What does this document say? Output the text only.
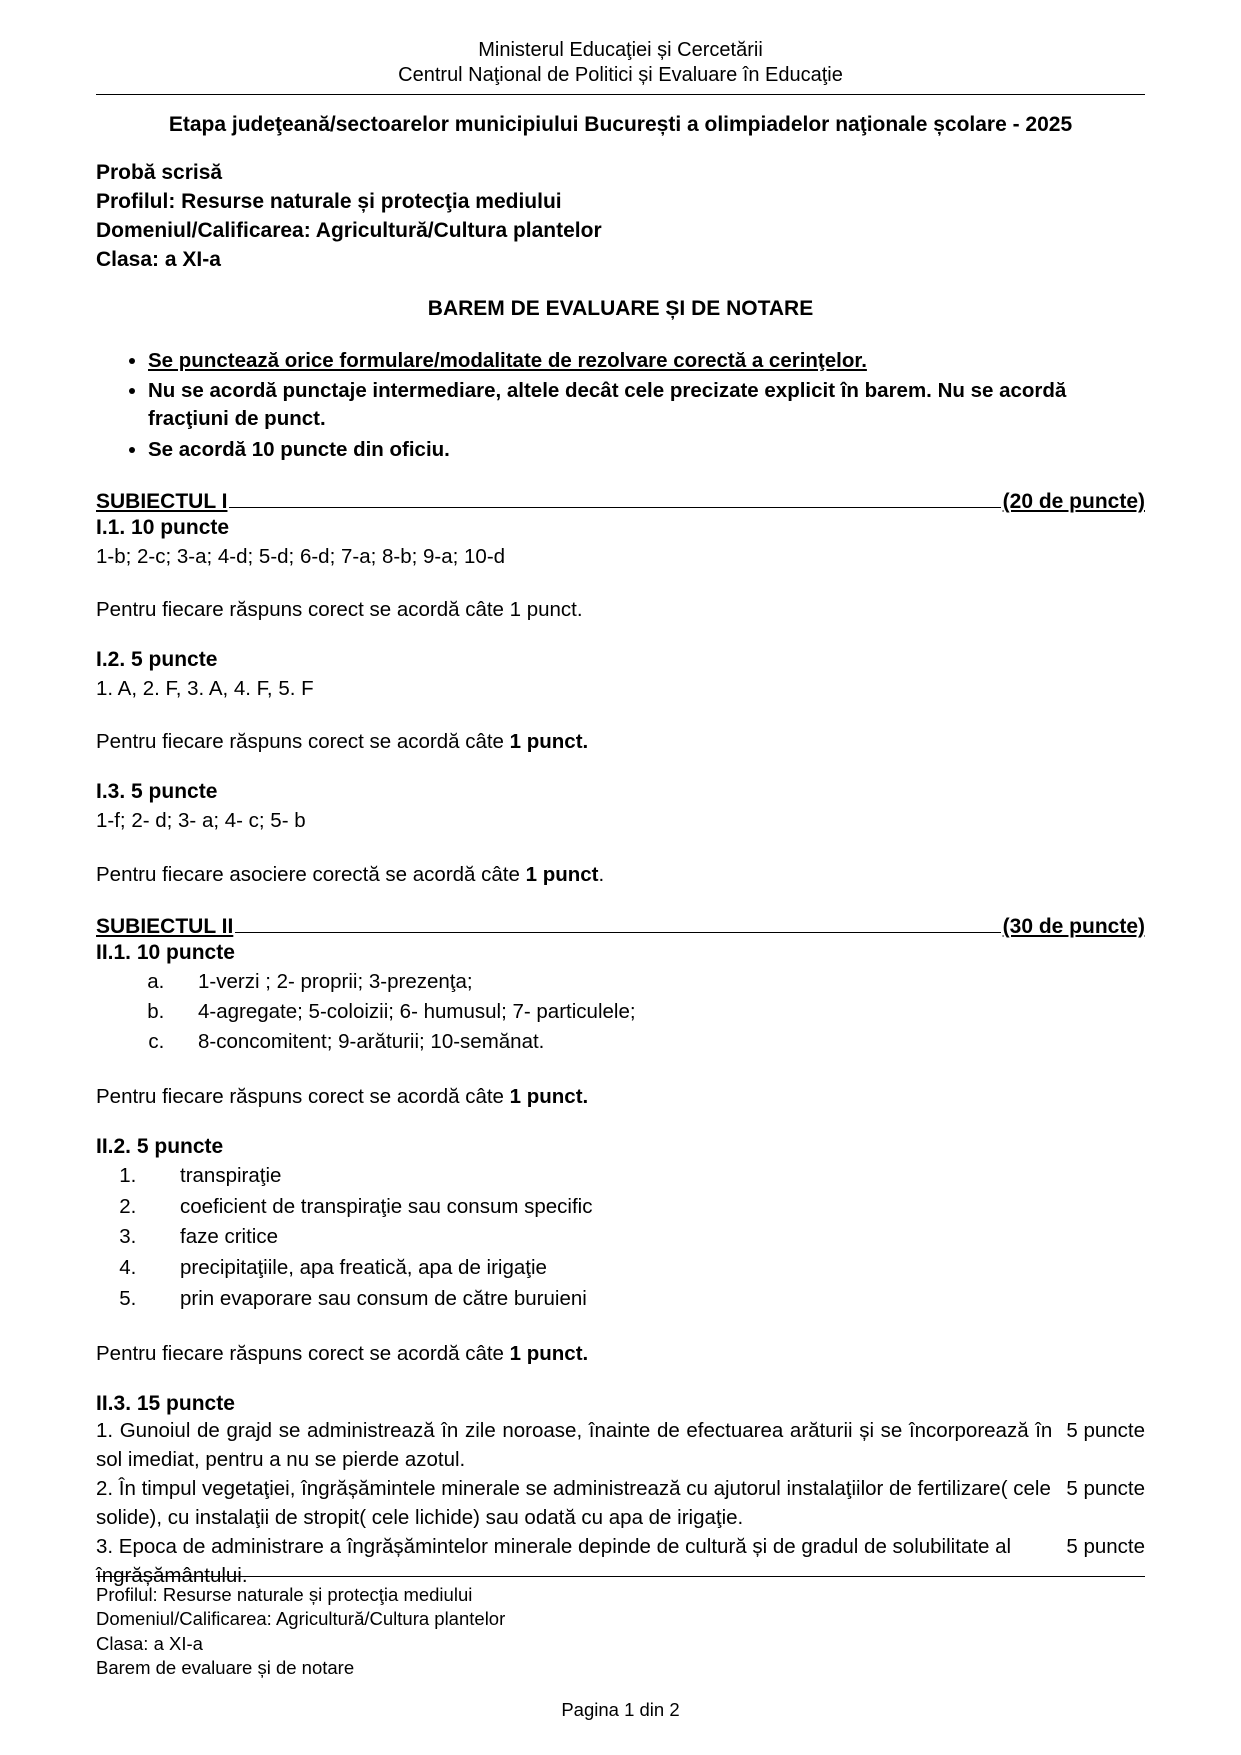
Ministerul Educaţiei și Cercetării
Centrul Naţional de Politici și Evaluare în Educaţie
Etapa judeţeană/sectoarelor municipiului București a olimpiadelor naţionale școlare - 2025
Probă scrisă
Profilul: Resurse naturale și protecţia mediului
Domeniul/Calificarea: Agricultură/Cultura plantelor
Clasa: a XI-a
BAREM DE EVALUARE ȘI DE NOTARE
• Se punctează orice formulare/modalitate de rezolvare corectă a cerinţelor.
• Nu se acordă punctaje intermediare, altele decât cele precizate explicit în barem. Nu se acordă fracţiuni de punct.
• Se acordă 10 puncte din oficiu.
SUBIECTUL I	(20 de puncte)
I.1. 10 puncte
1-b; 2-c; 3-a; 4-d; 5-d; 6-d; 7-a; 8-b; 9-a; 10-d
Pentru fiecare răspuns corect se acordă câte 1 punct.
I.2. 5 puncte
1. A, 2. F, 3. A, 4. F, 5. F
Pentru fiecare răspuns corect se acordă câte 1 punct.
I.3. 5 puncte
1-f; 2- d; 3- a; 4- c; 5- b
Pentru fiecare asociere corectă se acordă câte 1 punct.
SUBIECTUL II	(30 de puncte)
II.1. 10 puncte
a. 1-verzi ; 2- proprii; 3-prezenţa;
b. 4-agregate; 5-coloizii; 6- humusul; 7- particulele;
c. 8-concomitent; 9-arăturii; 10-semănat.
Pentru fiecare răspuns corect se acordă câte 1 punct.
II.2. 5 puncte
1. transpiraţie
2. coeficient de transpiraţie sau consum specific
3. faze critice
4. precipitaţiile, apa freatică, apa de irigaţie
5. prin evaporare sau consum de către buruieni
Pentru fiecare răspuns corect se acordă câte 1 punct.
II.3. 15 puncte
1. Gunoiul de grajd se administrează în zile noroase, înainte de efectuarea arăturii și se încorporează în sol imediat, pentru a nu se pierde azotul.
5 puncte
2. În timpul vegetaţiei, îngrășămintele minerale se administrează cu ajutorul instalaţiilor de fertilizare( cele solide), cu instalaţii de stropit( cele lichide) sau odată cu apa de irigaţie.
5 puncte
3. Epoca de administrare a îngrășămintelor minerale depinde de cultură și de gradul de solubilitate al îngrășământului.
5 puncte
Profilul: Resurse naturale și protecţia mediului
Domeniul/Calificarea: Agricultură/Cultura plantelor
Clasa: a XI-a
Barem de evaluare și de notare
Pagina 1 din 2
